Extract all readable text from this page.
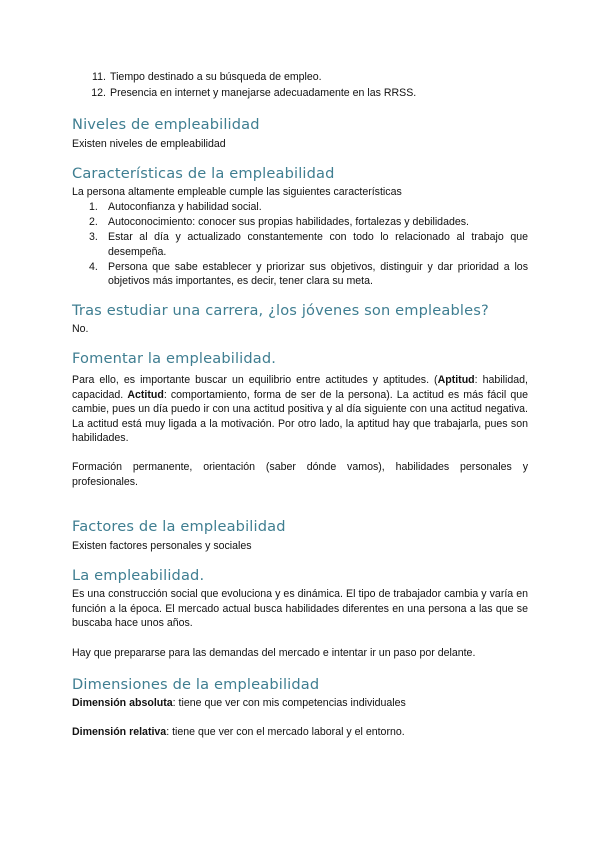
11. Tiempo destinado a su búsqueda de empleo.
12. Presencia en internet y manejarse adecuadamente en las RRSS.
Niveles de empleabilidad
Existen niveles de empleabilidad
Características de la empleabilidad
La persona altamente empleable cumple las siguientes características
1. Autoconfianza y habilidad social.
2. Autoconocimiento: conocer sus propias habilidades, fortalezas y debilidades.
3. Estar al día y actualizado constantemente con todo lo relacionado al trabajo que desempeña.
4. Persona que sabe establecer y priorizar sus objetivos, distinguir y dar prioridad a los objetivos más importantes, es decir, tener clara su meta.
Tras estudiar una carrera, ¿los jóvenes son empleables?
No.
Fomentar la empleabilidad.

Para ello, es importante buscar un equilibrio entre actitudes y aptitudes. (Aptitud: habilidad, capacidad. Actitud: comportamiento, forma de ser de la persona). La actitud es más fácil que cambie, pues un día puedo ir con una actitud positiva y al día siguiente con una actitud negativa. La actitud está muy ligada a la motivación. Por otro lado, la aptitud hay que trabajarla, pues son habilidades.

Formación permanente, orientación (saber dónde vamos), habilidades personales y profesionales.

Factores de la empleabilidad
Existen factores personales y sociales
La empleabilidad.

Es una construcción social que evoluciona y es dinámica. El tipo de trabajador cambia y varía en función a la época. El mercado actual busca habilidades diferentes en una persona a las que se buscaba hace unos años.

Hay que prepararse para las demandas del mercado e intentar ir un paso por delante.

Dimensiones de la empleabilidad
Dimensión absoluta: tiene que ver con mis competencias individuales
Dimensión relativa: tiene que ver con el mercado laboral y el entorno.
